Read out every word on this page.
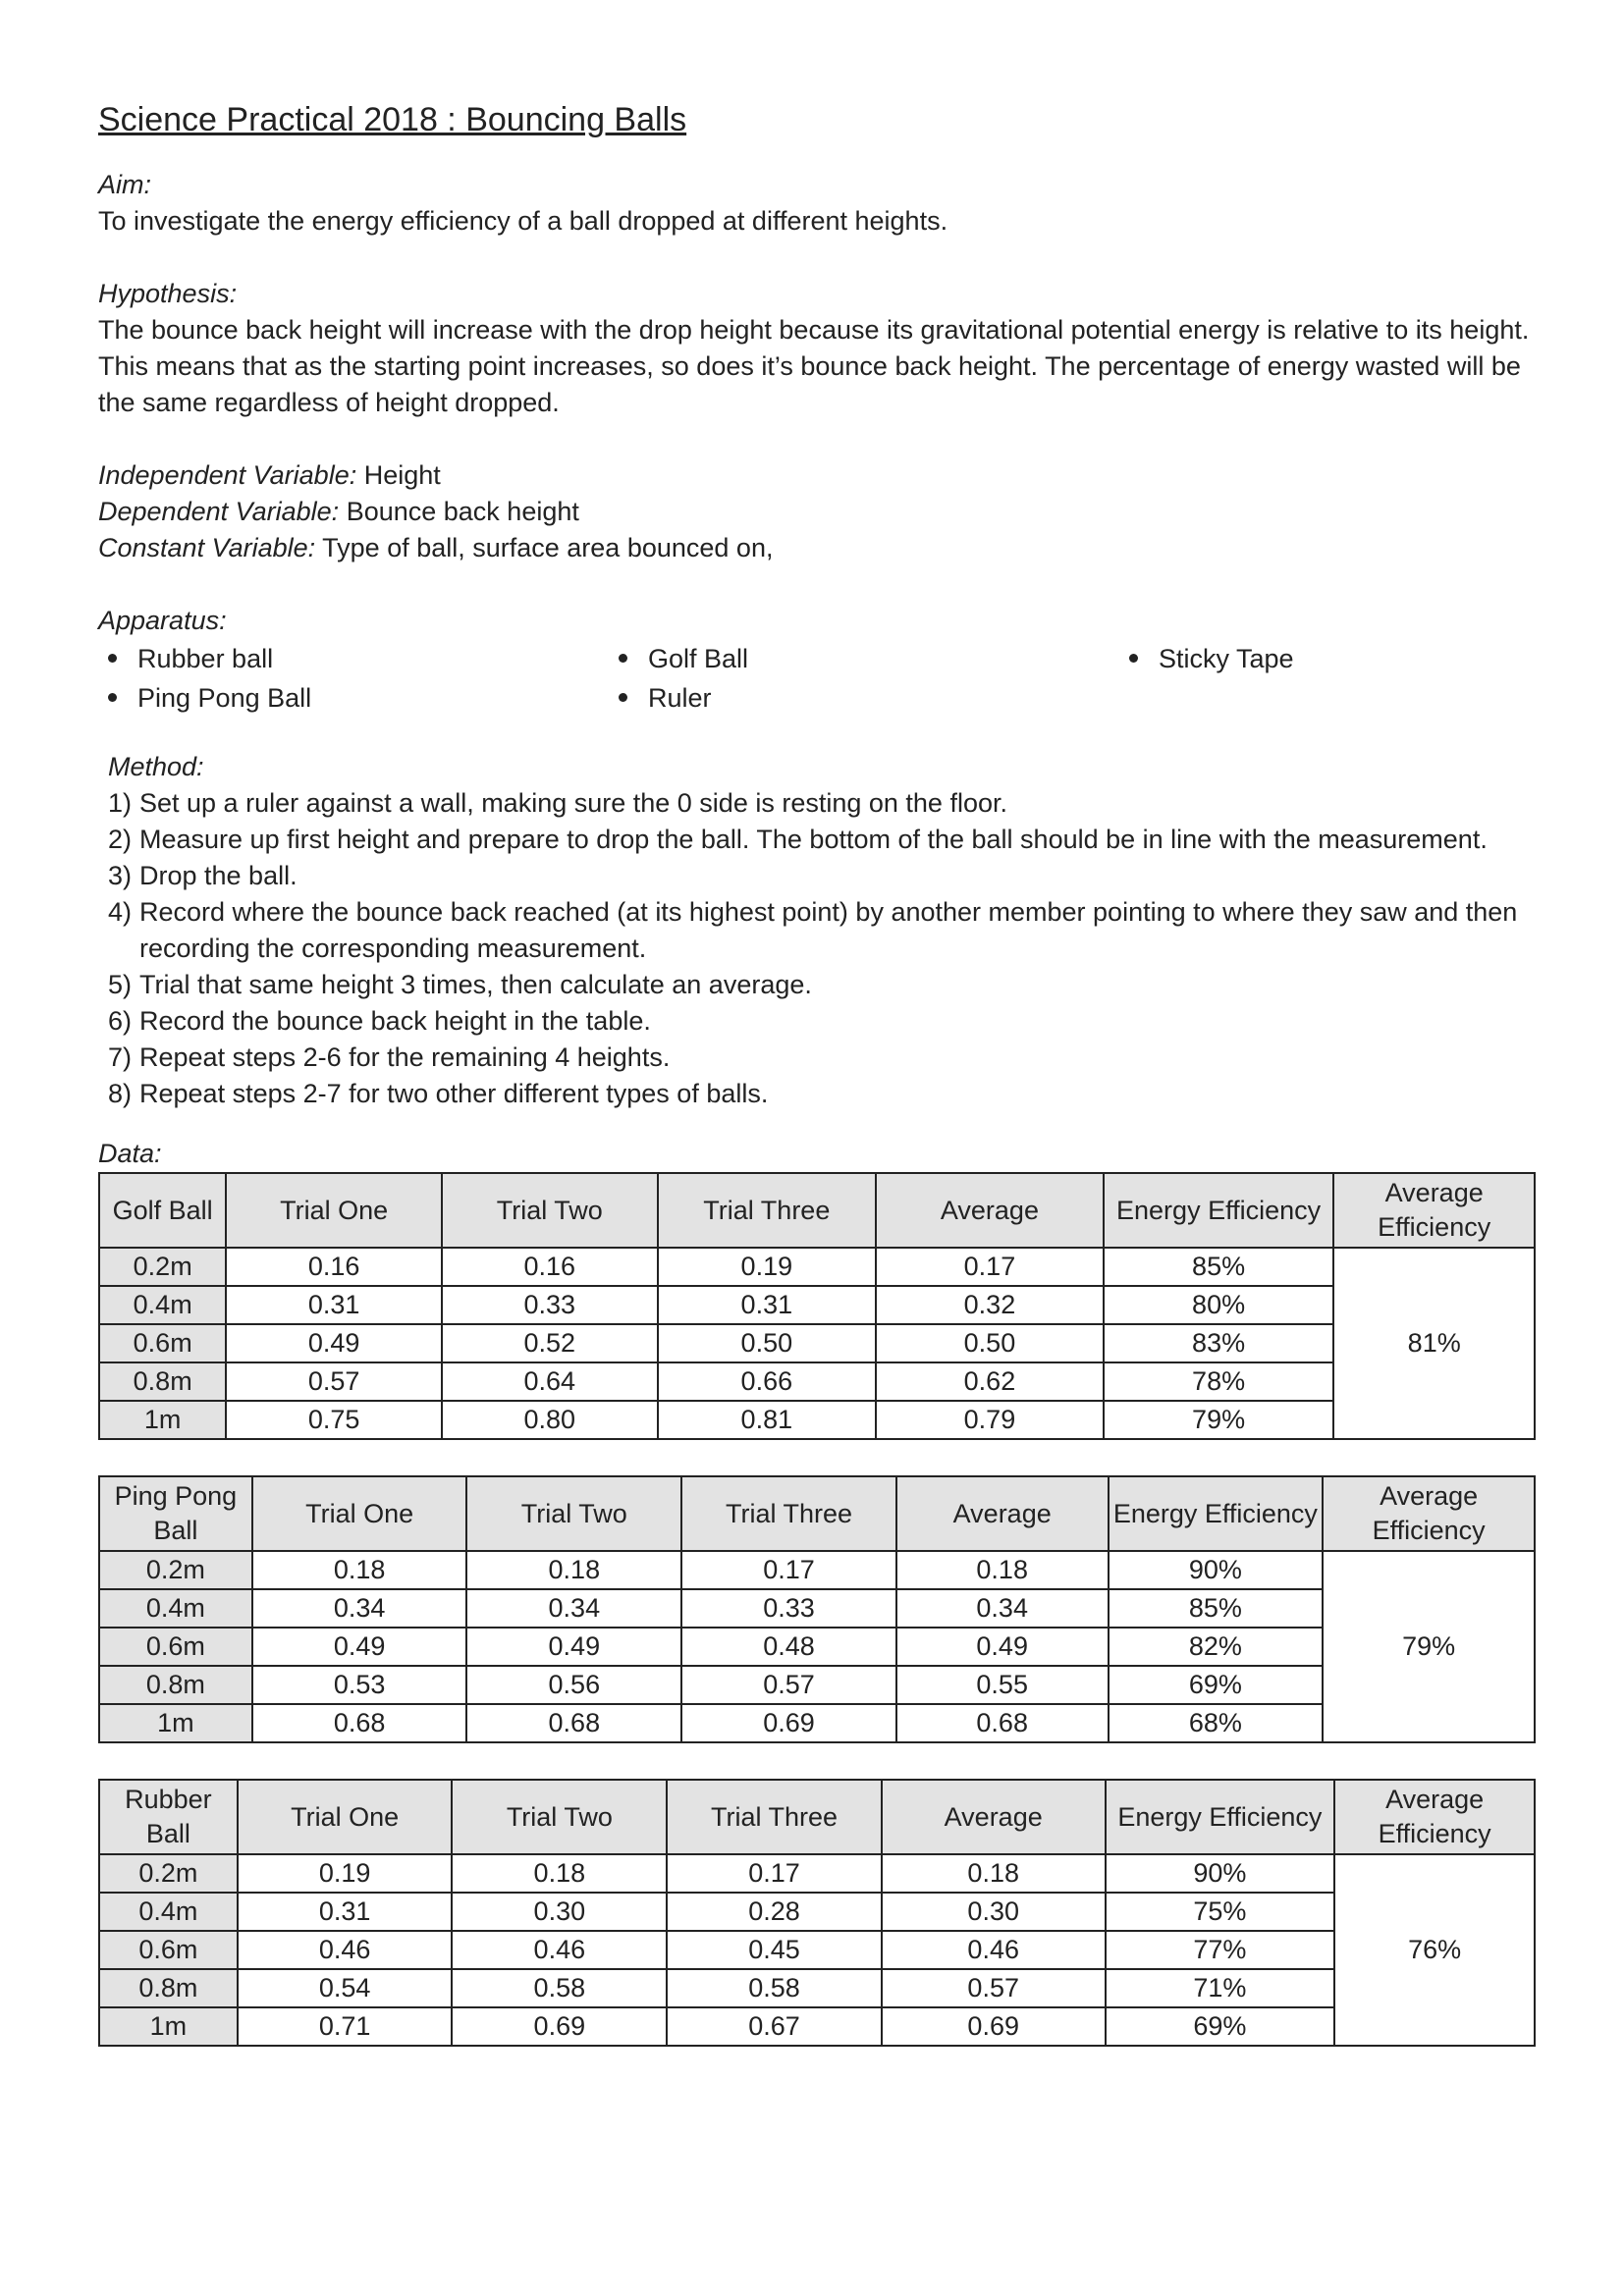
Science Practical 2018 : Bouncing Balls
Aim:
To investigate the energy efficiency of a ball dropped at different heights.
Hypothesis:
The bounce back height will increase with the drop height because its gravitational potential energy is relative to its height. This means that as the starting point increases, so does it’s bounce back height. The percentage of energy wasted will be the same regardless of height dropped.
Independent Variable: Height
Dependent Variable: Bounce back height
Constant Variable: Type of ball, surface area bounced on,
Apparatus:
Rubber ball	Golf Ball	Sticky Tape
Ping Pong Ball	Ruler
Method:
1) Set up a ruler against a wall, making sure the 0 side is resting on the floor.
2) Measure up first height and prepare to drop the ball. The bottom of the ball should be in line with the measurement.
3) Drop the ball.
4) Record where the bounce back reached (at its highest point) by another member pointing to where they saw and then recording the corresponding measurement.
5) Trial that same height 3 times, then calculate an average.
6) Record the bounce back height in the table.
7) Repeat steps 2-6 for the remaining 4 heights.
8) Repeat steps 2-7 for two other different types of balls.
Data:
Golf Ball	Trial One	Trial Two	Trial Three	Average	Energy Efficiency	Average Efficiency
0.2m	0.16	0.16	0.19	0.17	85%	81%
0.4m	0.31	0.33	0.31	0.32	80%	
0.6m	0.49	0.52	0.50	0.50	83%	
0.8m	0.57	0.64	0.66	0.62	78%	
1m	0.75	0.80	0.81	0.79	79%	
Ping Pong Ball	Trial One	Trial Two	Trial Three	Average	Energy Efficiency	Average Efficiency
0.2m	0.18	0.18	0.17	0.18	90%	79%
0.4m	0.34	0.34	0.33	0.34	85%	
0.6m	0.49	0.49	0.48	0.49	82%	
0.8m	0.53	0.56	0.57	0.55	69%	
1m	0.68	0.68	0.69	0.68	68%	
Rubber Ball	Trial One	Trial Two	Trial Three	Average	Energy Efficiency	Average Efficiency
0.2m	0.19	0.18	0.17	0.18	90%	76%
0.4m	0.31	0.30	0.28	0.30	75%	
0.6m	0.46	0.46	0.45	0.46	77%	
0.8m	0.54	0.58	0.58	0.57	71%	
1m	0.71	0.69	0.67	0.69	69%	
